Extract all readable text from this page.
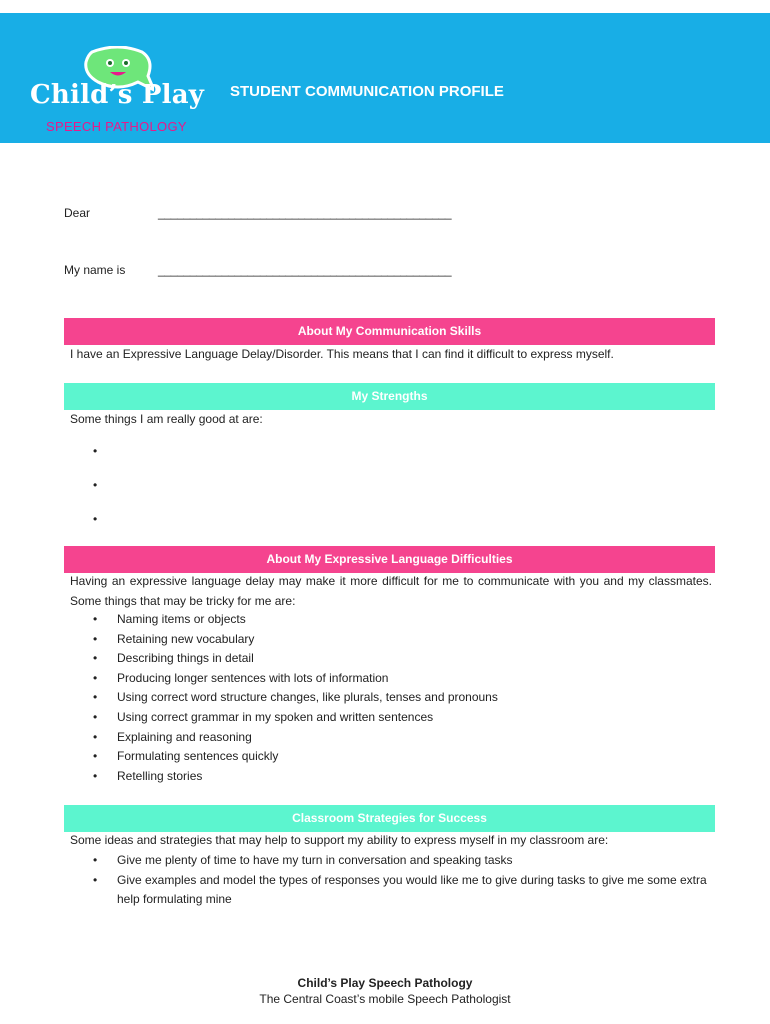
Child’s Play
SPEECH PATHOLOGY
STUDENT COMMUNICATION PROFILE
Dear	______________________________________________
My name is	______________________________________________
About My Communication Skills
I have an Expressive Language Delay/Disorder. This means that I can find it difficult to express myself.
My Strengths
Some things I am really good at are:
•
•
•
About My Expressive Language Difficulties
Having an expressive language delay may make it more difficult for me to communicate with you and my classmates. Some things that may be tricky for me are:
• Naming items or objects
• Retaining new vocabulary
• Describing things in detail
• Producing longer sentences with lots of information
• Using correct word structure changes, like plurals, tenses and pronouns
• Using correct grammar in my spoken and written sentences
• Explaining and reasoning
• Formulating sentences quickly
• Retelling stories
Classroom Strategies for Success
Some ideas and strategies that may help to support my ability to express myself in my classroom are:
• Give me plenty of time to have my turn in conversation and speaking tasks
• Give examples and model the types of responses you would like me to give during tasks to give me some extra help formulating mine
Child’s Play Speech Pathology
The Central Coast’s mobile Speech Pathologist
